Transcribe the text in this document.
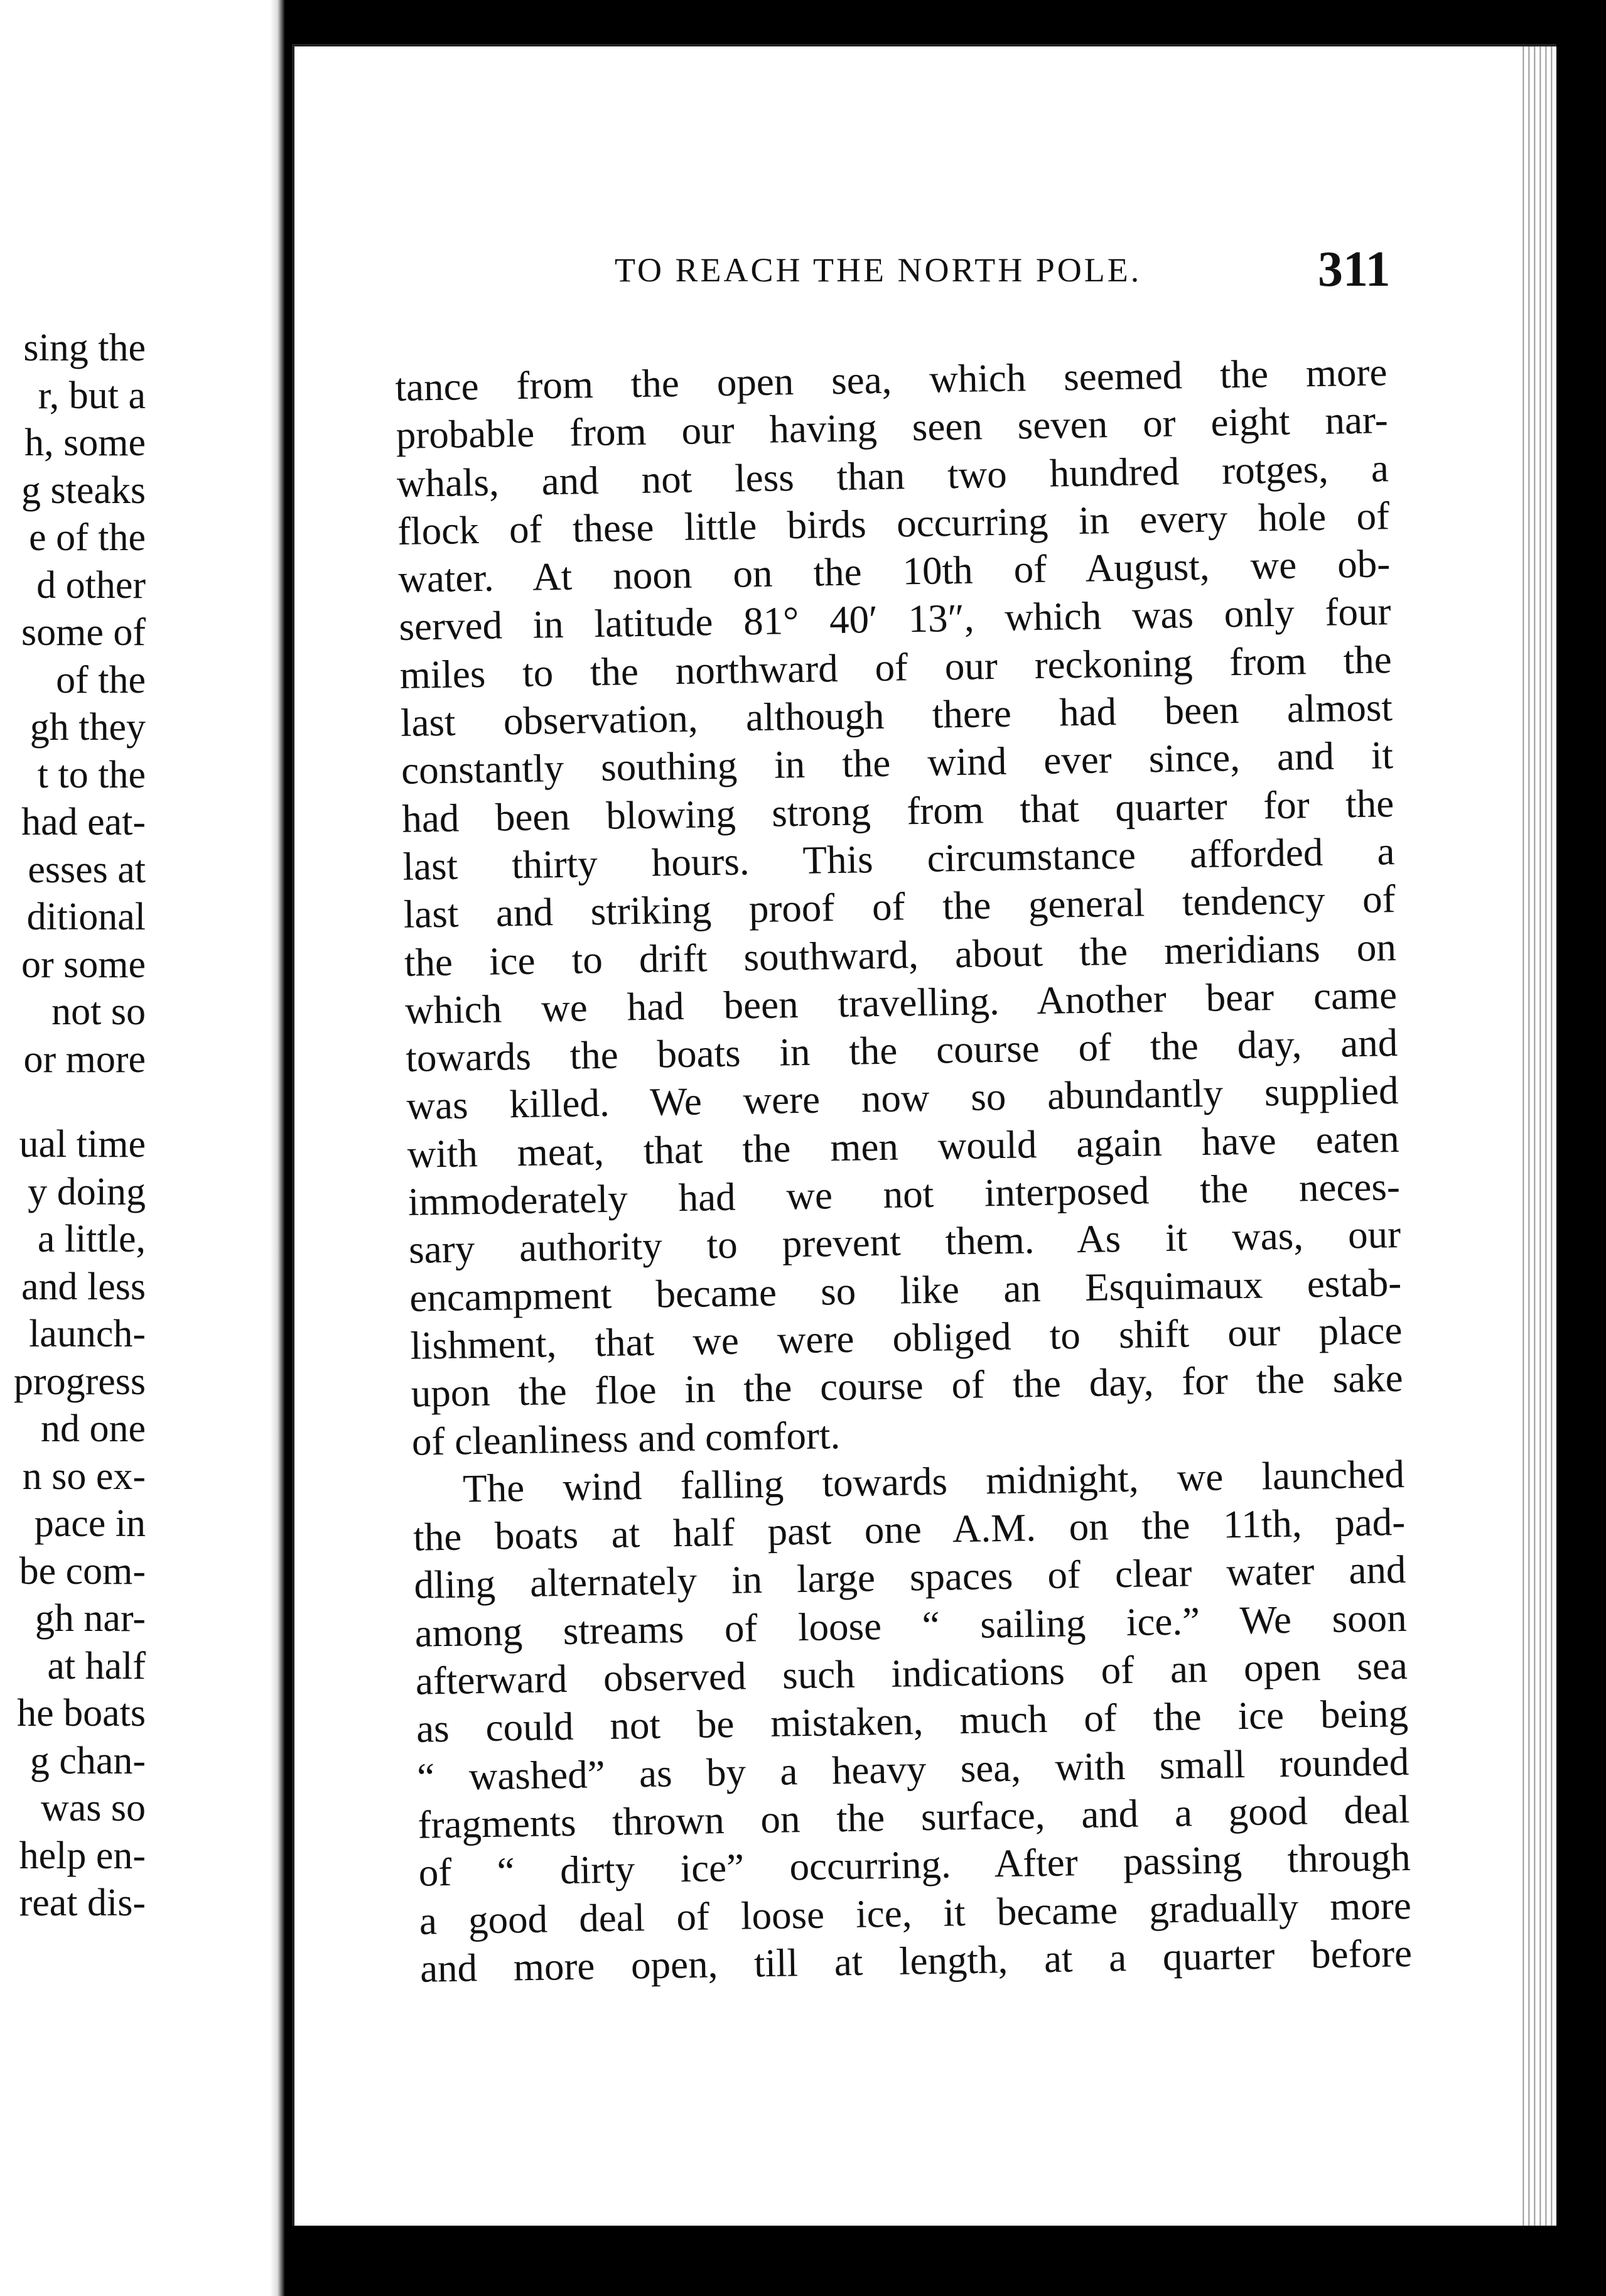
sing the
r, but a
h, some
g steaks
e of the
d other
some of
of the
gh they
t to the
had eat-
esses at
ditional
or some
not so
or more
ual time
y doing
a little,
and less
launch-
progress
nd one
n so ex-
pace in
be com-
gh nar-
at half
he boats
g chan-
was so
help en-
reat dis-
TO REACH THE NORTH POLE.	311
tance from the open sea, which seemed the more
probable from our having seen seven or eight nar-
whals, and not less than two hundred rotges, a
flock of these little birds occurring in every hole of
water. At noon on the 10th of August, we ob-
served in latitude 81° 40′ 13″, which was only four
miles to the northward of our reckoning from the
last observation, although there had been almost
constantly southing in the wind ever since, and it
had been blowing strong from that quarter for the
last thirty hours. This circumstance afforded a
last and striking proof of the general tendency of
the ice to drift southward, about the meridians on
which we had been travelling. Another bear came
towards the boats in the course of the day, and
was killed. We were now so abundantly supplied
with meat, that the men would again have eaten
immoderately had we not interposed the neces-
sary authority to prevent them. As it was, our
encampment became so like an Esquimaux estab-
lishment, that we were obliged to shift our place
upon the floe in the course of the day, for the sake
of cleanliness and comfort.
The wind falling towards midnight, we launched
the boats at half past one A.M. on the 11th, pad-
dling alternately in large spaces of clear water and
among streams of loose “ sailing ice.” We soon
afterward observed such indications of an open sea
as could not be mistaken, much of the ice being
“ washed” as by a heavy sea, with small rounded
fragments thrown on the surface, and a good deal
of “ dirty ice” occurring. After passing through
a good deal of loose ice, it became gradually more
and more open, till at length, at a quarter before
